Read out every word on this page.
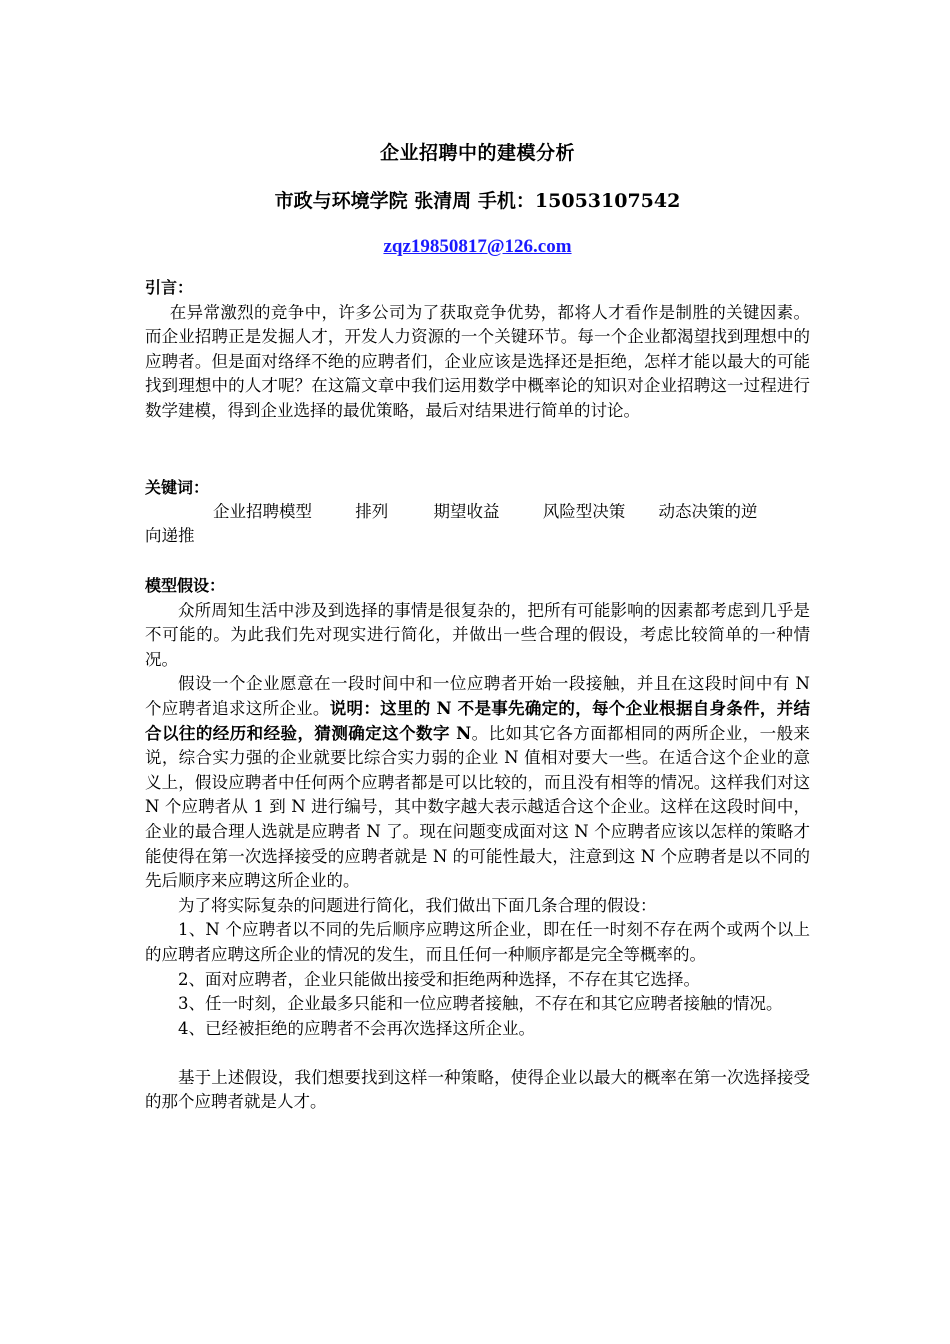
企业招聘中的建模分析
市政与环境学院 张清周 手机：15053107542
zqz19850817@126.com
引言：
在异常激烈的竞争中，许多公司为了获取竞争优势，都将人才看作是制胜的关键因素。而企业招聘正是发掘人才，开发人力资源的一个关键环节。每一个企业都渴望找到理想中的应聘者。但是面对络绎不绝的应聘者们，企业应该是选择还是拒绝，怎样才能以最大的可能找到理想中的人才呢？在这篇文章中我们运用数学中概率论的知识对企业招聘这一过程进行数学建模，得到企业选择的最优策略，最后对结果进行简单的讨论。
关键词：
企业招聘模型	排列	期望收益	风险型决策 动态决策的逆
向递推
模型假设：
众所周知生活中涉及到选择的事情是很复杂的，把所有可能影响的因素都考虑到几乎是不可能的。为此我们先对现实进行简化，并做出一些合理的假设，考虑比较简单的一种情况。
假设一个企业愿意在一段时间中和一位应聘者开始一段接触，并且在这段时间中有 N 个应聘者追求这所企业。说明：这里的 N 不是事先确定的，每个企业根据自身条件，并结合以往的经历和经验，猜测确定这个数字 N。比如其它各方面都相同的两所企业，一般来说，综合实力强的企业就要比综合实力弱的企业 N 值相对要大一些。在适合这个企业的意义上，假设应聘者中任何两个应聘者都是可以比较的，而且没有相等的情况。这样我们对这 N 个应聘者从 1 到 N 进行编号，其中数字越大表示越适合这个企业。这样在这段时间中，企业的最合理人选就是应聘者 N 了。现在问题变成面对这 N 个应聘者应该以怎样的策略才能使得在第一次选择接受的应聘者就是 N 的可能性最大，注意到这 N 个应聘者是以不同的先后顺序来应聘这所企业的。
为了将实际复杂的问题进行简化，我们做出下面几条合理的假设：
1、N 个应聘者以不同的先后顺序应聘这所企业，即在任一时刻不存在两个或两个以上的应聘者应聘这所企业的情况的发生，而且任何一种顺序都是完全等概率的。
2、面对应聘者，企业只能做出接受和拒绝两种选择，不存在其它选择。
3、任一时刻，企业最多只能和一位应聘者接触，不存在和其它应聘者接触的情况。
4、已经被拒绝的应聘者不会再次选择这所企业。
基于上述假设，我们想要找到这样一种策略，使得企业以最大的概率在第一次选择接受的那个应聘者就是人才。
